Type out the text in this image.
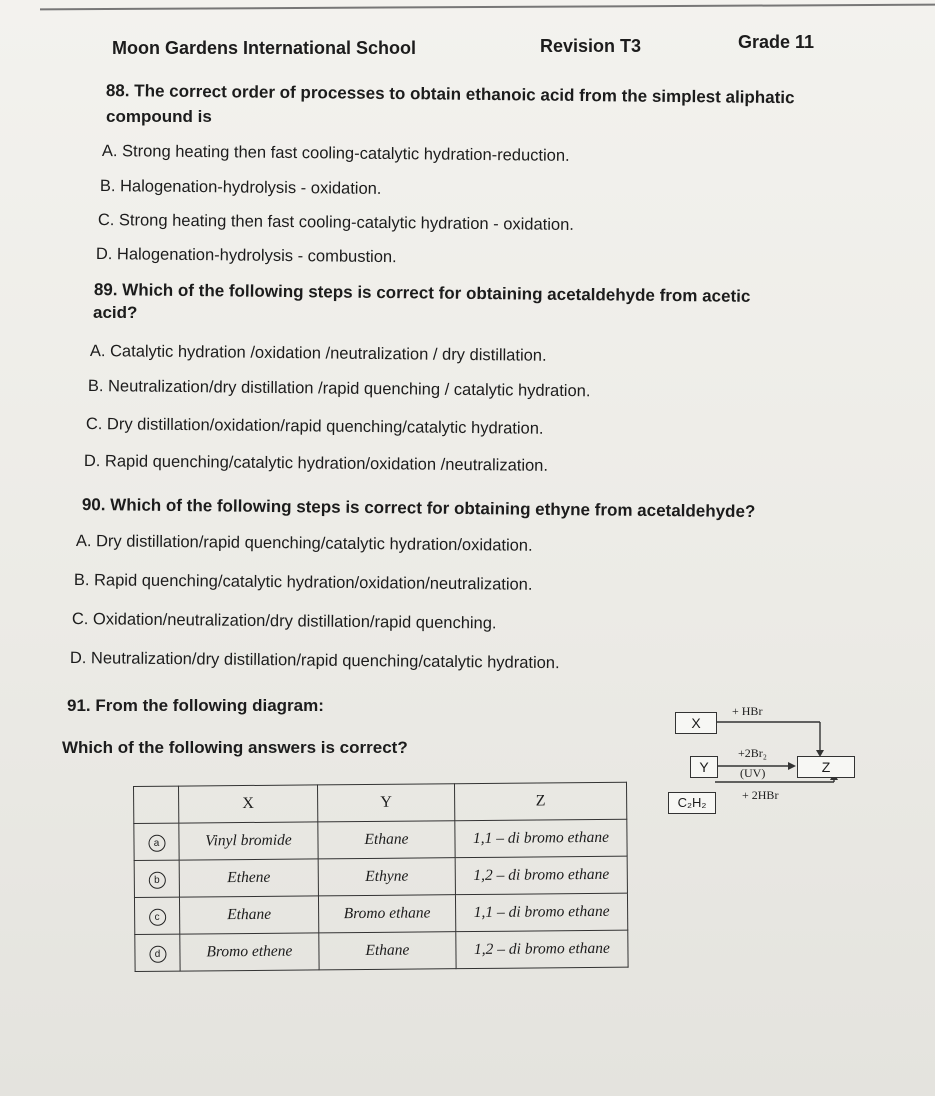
Moon Gardens International School	Revision T3	Grade 11
88. The correct order of processes to obtain ethanoic acid from the simplest aliphatic
compound is
A. Strong heating then fast cooling-catalytic hydration-reduction.
B. Halogenation-hydrolysis - oxidation.
C. Strong heating then fast cooling-catalytic hydration - oxidation.
D. Halogenation-hydrolysis - combustion.
89. Which of the following steps is correct for obtaining acetaldehyde from acetic
acid?
A. Catalytic hydration /oxidation /neutralization / dry distillation.
B. Neutralization/dry distillation /rapid quenching / catalytic hydration.
C. Dry distillation/oxidation/rapid quenching/catalytic hydration.
D. Rapid quenching/catalytic hydration/oxidation /neutralization.
90. Which of the following steps is correct for obtaining ethyne from acetaldehyde?
A. Dry distillation/rapid quenching/catalytic hydration/oxidation.
B. Rapid quenching/catalytic hydration/oxidation/neutralization.
C. Oxidation/neutralization/dry distillation/rapid quenching.
D. Neutralization/dry distillation/rapid quenching/catalytic hydration.
91. From the following diagram:
Which of the following answers is correct?
X
Y	Z
C₂H₂
+ HBr
+2Br₂
(UV)
+ 2HBr
	X	Y	Z
a	Vinyl bromide	Ethane	1,1 – di bromo ethane
b	Ethene	Ethyne	1,2 – di bromo ethane
c	Ethane	Bromo ethane	1,1 – di bromo ethane
d	Bromo ethene	Ethane	1,2 – di bromo ethane
